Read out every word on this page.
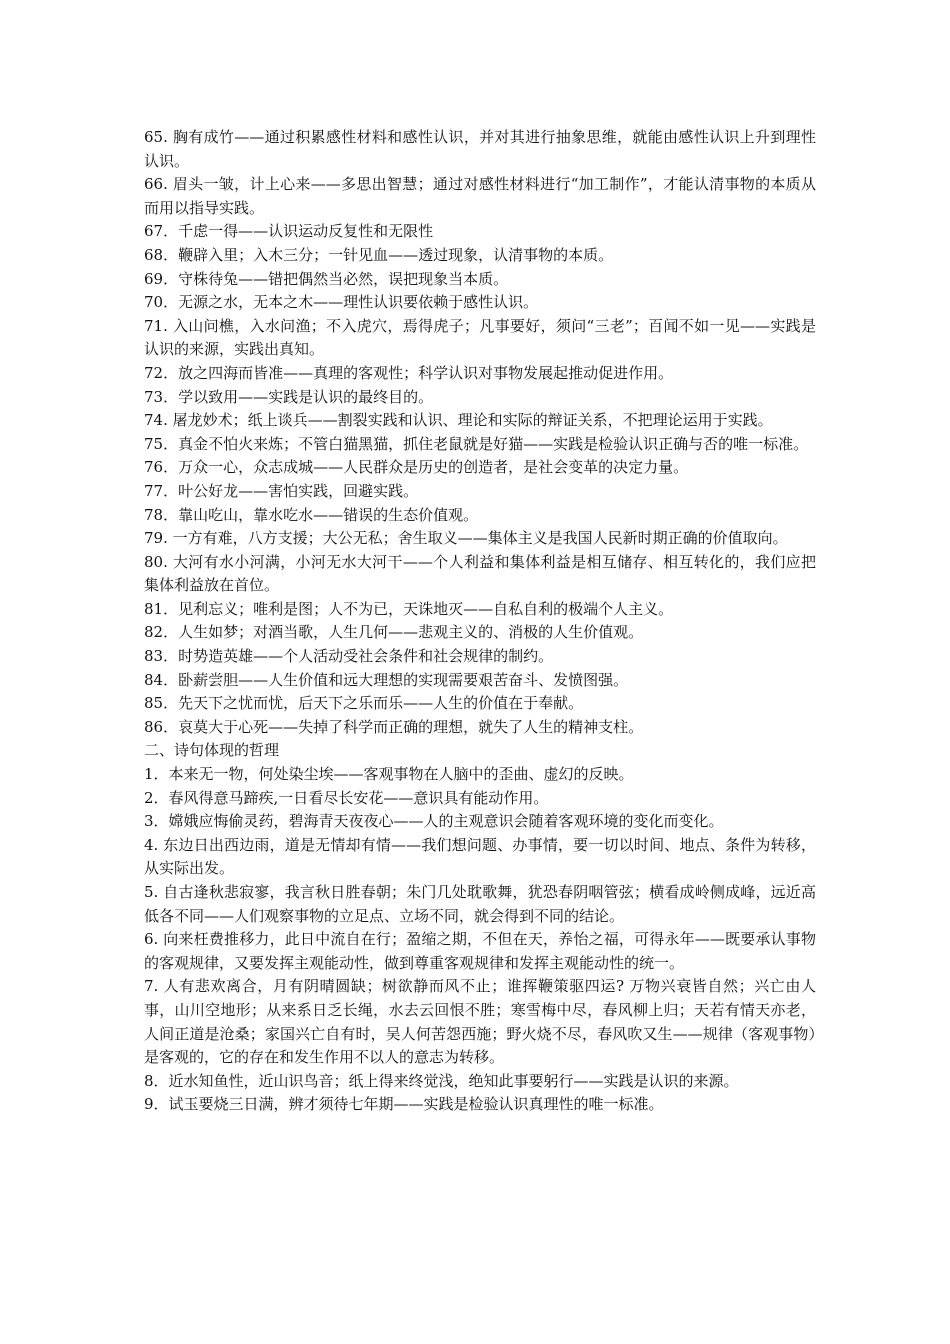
65. 胸有成竹——通过积累感性材料和感性认识，并对其进行抽象思维，就能由感性认识上升到理性认识。

66. 眉头一皱，计上心来——多思出智慧；通过对感性材料进行“加工制作”，才能认清事物的本质从而用以指导实践。

67．千虑一得——认识运动反复性和无限性

68．鞭辟入里；入木三分；一针见血——透过现象，认清事物的本质。

69．守株待兔——错把偶然当必然，误把现象当本质。

70．无源之水，无本之木——理性认识要依赖于感性认识。

71. 入山问樵，入水问渔；不入虎穴，焉得虎子；凡事要好，须问“三老”；百闻不如一见——实践是认识的来源，实践出真知。

72．放之四海而皆准——真理的客观性；科学认识对事物发展起推动促进作用。

73．学以致用——实践是认识的最终目的。

74. 屠龙妙术；纸上谈兵——割裂实践和认识、理论和实际的辩证关系，不把理论运用于实践。

75．真金不怕火来炼；不管白猫黑猫，抓住老鼠就是好猫——实践是检验认识正确与否的唯一标准。

76．万众一心，众志成城——人民群众是历史的创造者，是社会变革的决定力量。

77．叶公好龙——害怕实践，回避实践。

78．靠山吃山，靠水吃水——错误的生态价值观。

79. 一方有难，八方支援；大公无私；舍生取义——集体主义是我国人民新时期正确的价值取向。

80. 大河有水小河满，小河无水大河干——个人利益和集体利益是相互储存、相互转化的，我们应把集体利益放在首位。

81．见利忘义；唯利是图；人不为已，天诛地灭——自私自利的极端个人主义。

82．人生如梦；对酒当歌，人生几何——悲观主义的、消极的人生价值观。

83．时势造英雄——个人活动受社会条件和社会规律的制约。

84．卧薪尝胆——人生价值和远大理想的实现需要艰苦奋斗、发愤图强。

85．先天下之忧而忧，后天下之乐而乐——人生的价值在于奉献。

86．哀莫大于心死——失掉了科学而正确的理想，就失了人生的精神支柱。

二、诗句体现的哲理

1．本来无一物，何处染尘埃——客观事物在人脑中的歪曲、虚幻的反映。

2．春风得意马蹄疾,一日看尽长安花——意识具有能动作用。

3．嫦娥应悔偷灵药，碧海青天夜夜心——人的主观意识会随着客观环境的变化而变化。

4. 东边日出西边雨，道是无情却有情——我们想问题、办事情，要一切以时间、地点、条件为转移，从实际出发。

5. 自古逢秋悲寂寥，我言秋日胜春朝；朱门几处耽歌舞，犹恐春阴咽管弦；横看成岭侧成峰，远近高低各不同——人们观察事物的立足点、立场不同，就会得到不同的结论。

6. 向来枉费推移力，此日中流自在行；盈缩之期，不但在天，养怡之福，可得永年——既要承认事物的客观规律，又要发挥主观能动性，做到尊重客观规律和发挥主观能动性的统一。

7. 人有悲欢离合，月有阴晴圆缺；树欲静而风不止；谁挥鞭策驱四运? 万物兴衰皆自然；兴亡由人事，山川空地形；从来系日乏长绳，水去云回恨不胜；寒雪梅中尽，春风柳上归；天若有情天亦老，人间正道是沧桑；家国兴亡自有时，吴人何苦怨西施；野火烧不尽，春风吹又生——规律（客观事物）是客观的，它的存在和发生作用不以人的意志为转移。

8．近水知鱼性，近山识鸟音；纸上得来终觉浅，绝知此事要躬行——实践是认识的来源。

9．试玉要烧三日满，辨才须待七年期——实践是检验认识真理性的唯一标准。
